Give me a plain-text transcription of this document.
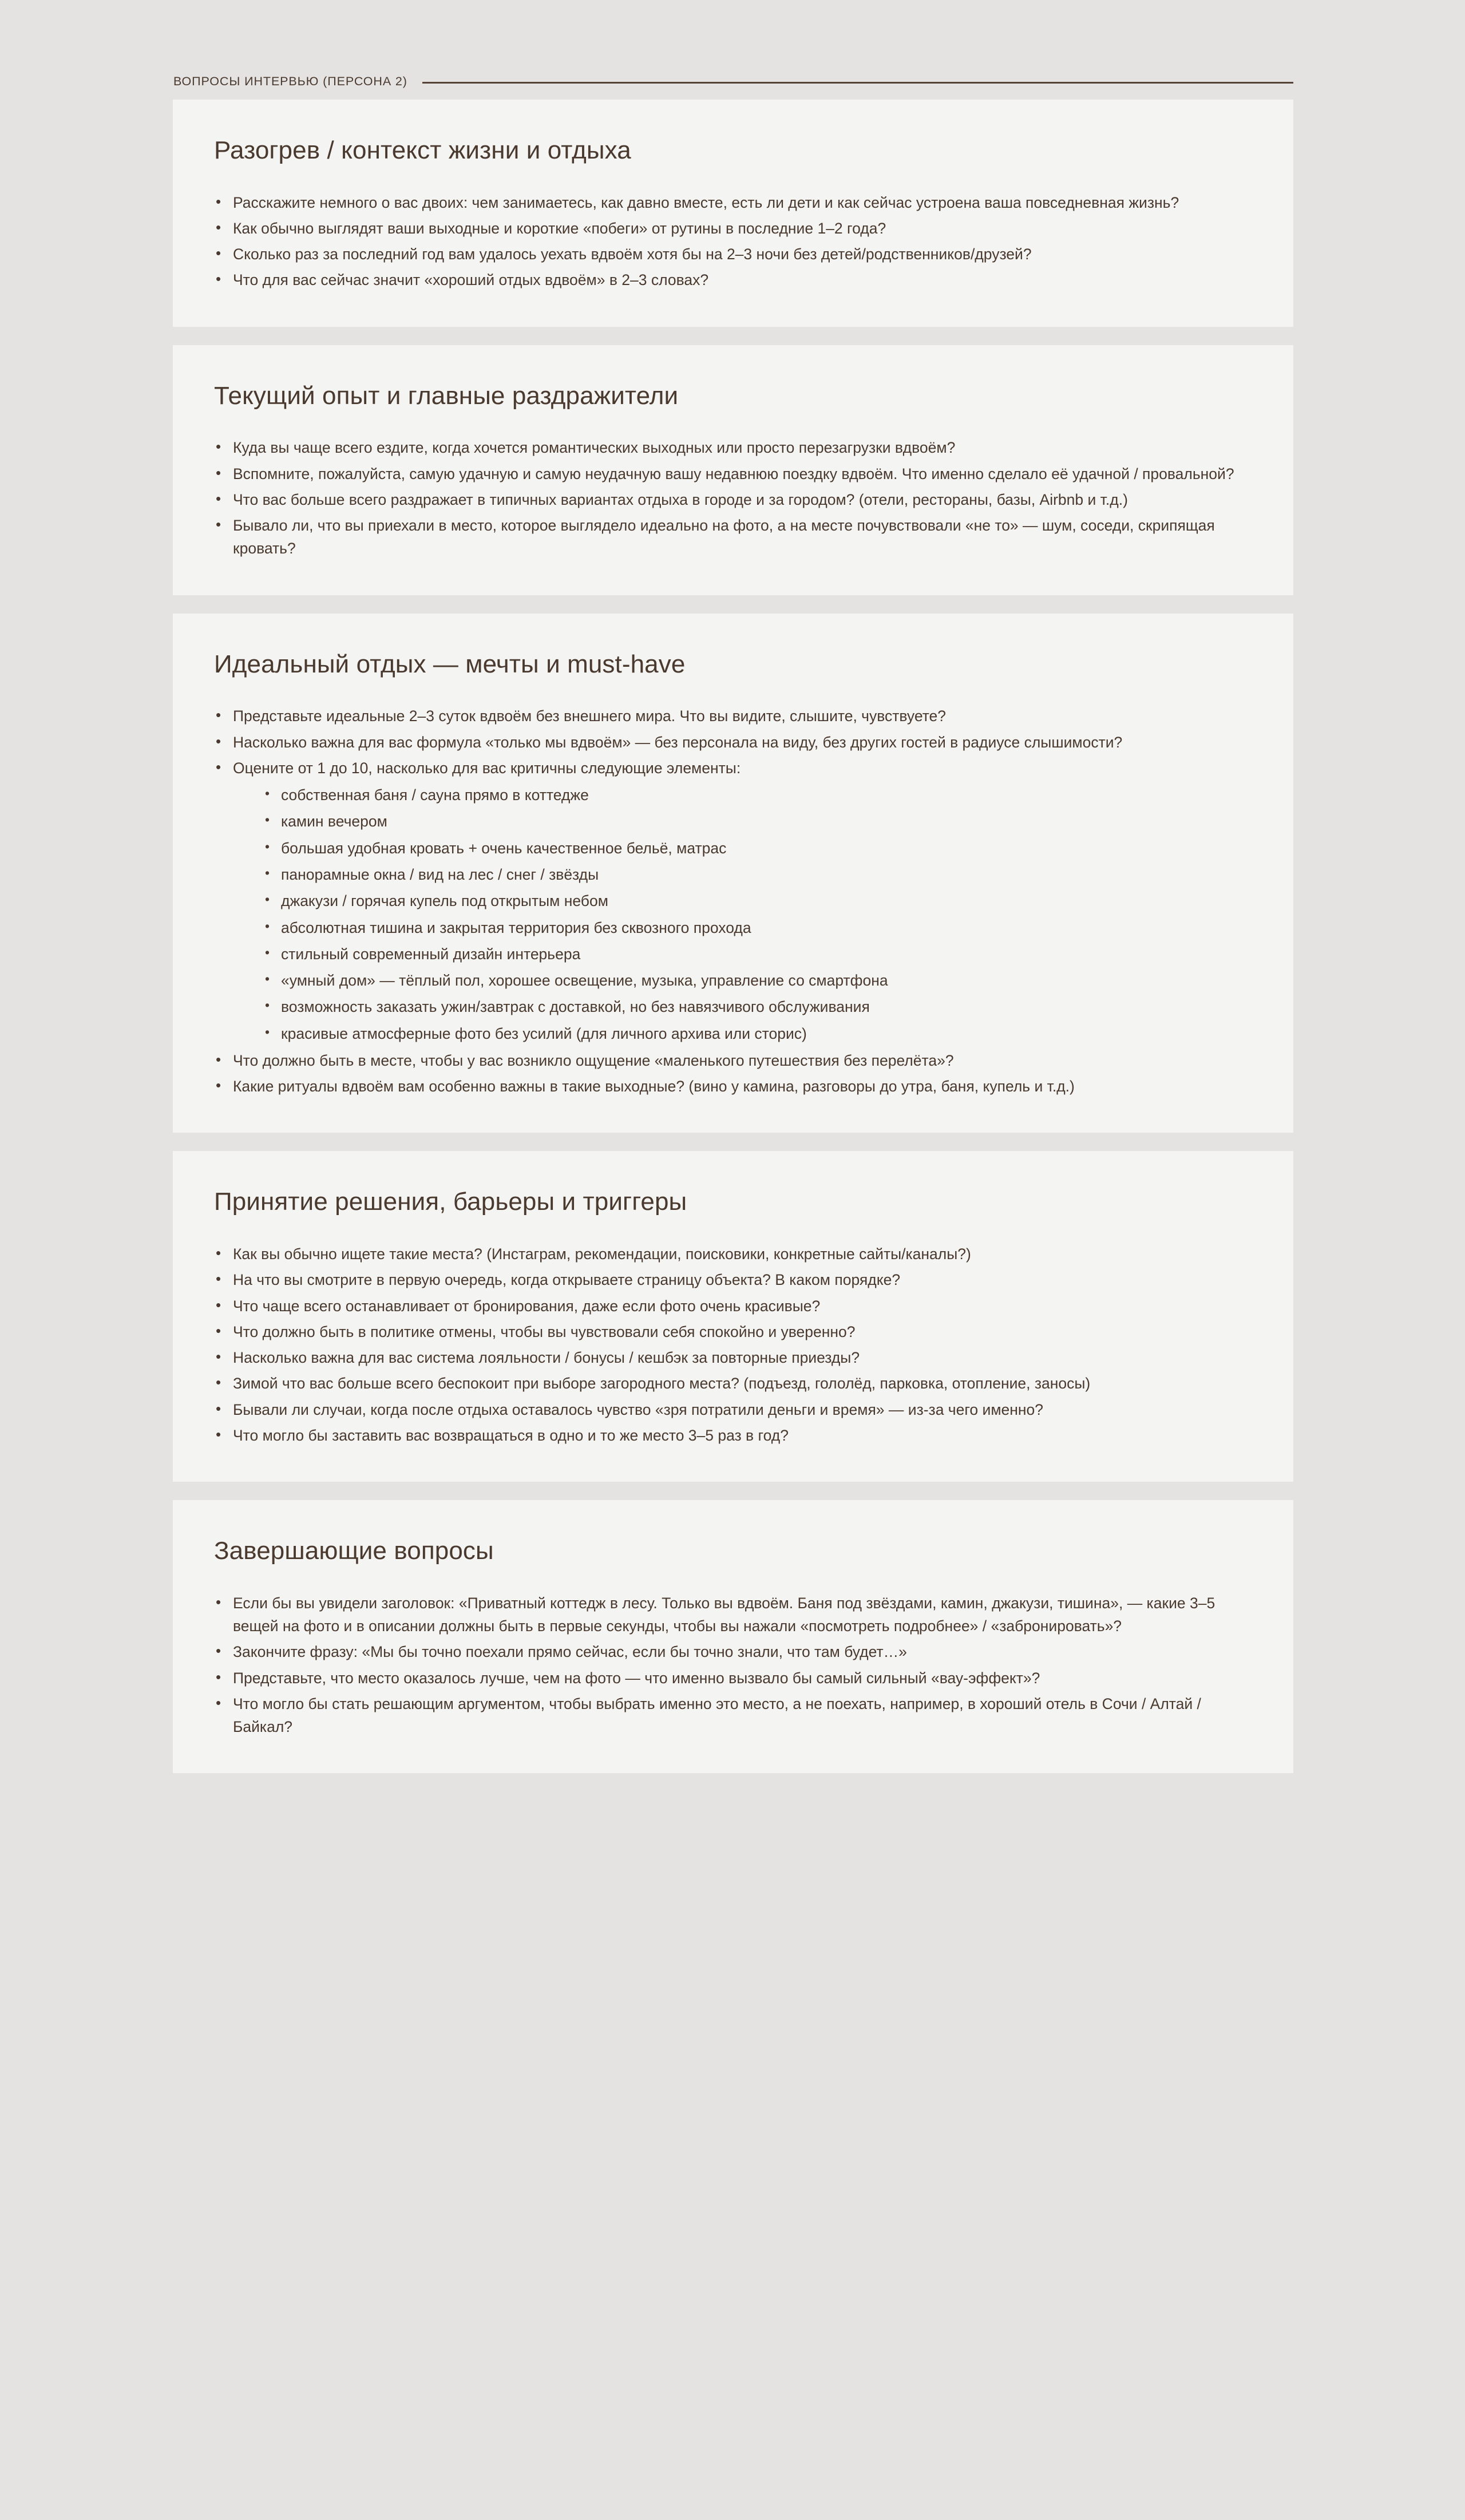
ВОПРОСЫ ИНТЕРВЬЮ (ПЕРСОНА 2)
Разогрев / контекст жизни и отдыха
• Расскажите немного о вас двоих: чем занимаетесь, как давно вместе, есть ли дети и как сейчас устроена ваша повседневная жизнь?
• Как обычно выглядят ваши выходные и короткие «побеги» от рутины в последние 1–2 года?
• Сколько раз за последний год вам удалось уехать вдвоём хотя бы на 2–3 ночи без детей/родственников/друзей?
• Что для вас сейчас значит «хороший отдых вдвоём» в 2–3 словах?
Текущий опыт и главные раздражители
• Куда вы чаще всего ездите, когда хочется романтических выходных или просто перезагрузки вдвоём?
• Вспомните, пожалуйста, самую удачную и самую неудачную вашу недавнюю поездку вдвоём. Что именно сделало её удачной / провальной?
• Что вас больше всего раздражает в типичных вариантах отдыха в городе и за городом? (отели, рестораны, базы, Airbnb и т.д.)
• Бывало ли, что вы приехали в место, которое выглядело идеально на фото, а на месте почувствовали «не то» — шум, соседи, скрипящая кровать?
Идеальный отдых — мечты и must-have
• Представьте идеальные 2–3 суток вдвоём без внешнего мира. Что вы видите, слышите, чувствуете?
• Насколько важна для вас формула «только мы вдвоём» — без персонала на виду, без других гостей в радиусе слышимости?
• Оцените от 1 до 10, насколько для вас критичны следующие элементы:
• собственная баня / сауна прямо в коттедже
• камин вечером
• большая удобная кровать + очень качественное бельё, матрас
• панорамные окна / вид на лес / снег / звёзды
• джакузи / горячая купель под открытым небом
• абсолютная тишина и закрытая территория без сквозного прохода
• стильный современный дизайн интерьера
• «умный дом» — тёплый пол, хорошее освещение, музыка, управление со смартфона
• возможность заказать ужин/завтрак с доставкой, но без навязчивого обслуживания
• красивые атмосферные фото без усилий (для личного архива или сторис)
• Что должно быть в месте, чтобы у вас возникло ощущение «маленького путешествия без перелёта»?
• Какие ритуалы вдвоём вам особенно важны в такие выходные? (вино у камина, разговоры до утра, баня, купель и т.д.)
Принятие решения, барьеры и триггеры
• Как вы обычно ищете такие места? (Инстаграм, рекомендации, поисковики, конкретные сайты/каналы?)
• На что вы смотрите в первую очередь, когда открываете страницу объекта? В каком порядке?
• Что чаще всего останавливает от бронирования, даже если фото очень красивые?
• Что должно быть в политике отмены, чтобы вы чувствовали себя спокойно и уверенно?
• Насколько важна для вас система лояльности / бонусы / кешбэк за повторные приезды?
• Зимой что вас больше всего беспокоит при выборе загородного места? (подъезд, гололёд, парковка, отопление, заносы)
• Бывали ли случаи, когда после отдыха оставалось чувство «зря потратили деньги и время» — из-за чего именно?
• Что могло бы заставить вас возвращаться в одно и то же место 3–5 раз в год?
Завершающие вопросы
• Если бы вы увидели заголовок: «Приватный коттедж в лесу. Только вы вдвоём. Баня под звёздами, камин, джакузи, тишина», — какие 3–5 вещей на фото и в описании должны быть в первые секунды, чтобы вы нажали «посмотреть подробнее» / «забронировать»?
• Закончите фразу: «Мы бы точно поехали прямо сейчас, если бы точно знали, что там будет…»
• Представьте, что место оказалось лучше, чем на фото — что именно вызвало бы самый сильный «вау-эффект»?
• Что могло бы стать решающим аргументом, чтобы выбрать именно это место, а не поехать, например, в хороший отель в Сочи / Алтай / Байкал?
